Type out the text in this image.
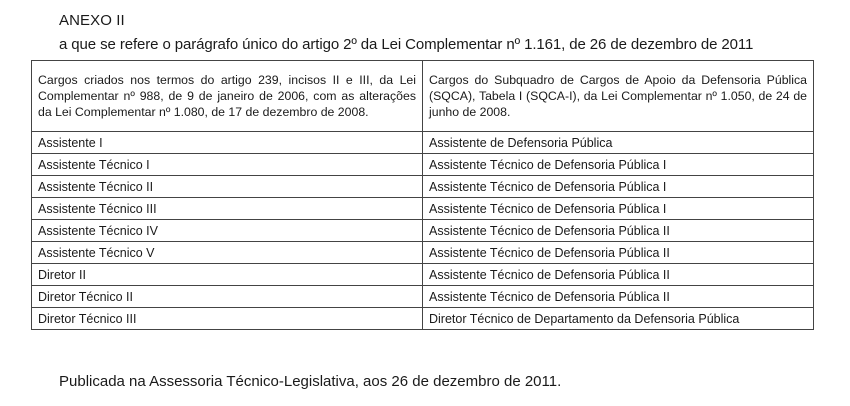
ANEXO II
a que se refere o parágrafo único do artigo 2º da Lei Complementar nº 1.161, de 26 de dezembro de 2011
Cargos criados nos termos do artigo 239, incisos II e III, da Lei Complementar nº 988, de 9 de janeiro de 2006, com as alterações da Lei Complementar nº 1.080, de 17 de dezembro de 2008.	Cargos do Subquadro de Cargos de Apoio da Defensoria Pública (SQCA), Tabela I (SQCA-I), da Lei Complementar nº 1.050, de 24 de junho de 2008.
Assistente I	Assistente de Defensoria Pública
Assistente Técnico I	Assistente Técnico de Defensoria Pública I
Assistente Técnico II	Assistente Técnico de Defensoria Pública I
Assistente Técnico III	Assistente Técnico de Defensoria Pública I
Assistente Técnico IV	Assistente Técnico de Defensoria Pública II
Assistente Técnico V	Assistente Técnico de Defensoria Pública II
Diretor II	Assistente Técnico de Defensoria Pública II
Diretor Técnico II	Assistente Técnico de Defensoria Pública II
Diretor Técnico III	Diretor Técnico de Departamento da Defensoria Pública
Publicada na Assessoria Técnico-Legislativa, aos 26 de dezembro de 2011.
